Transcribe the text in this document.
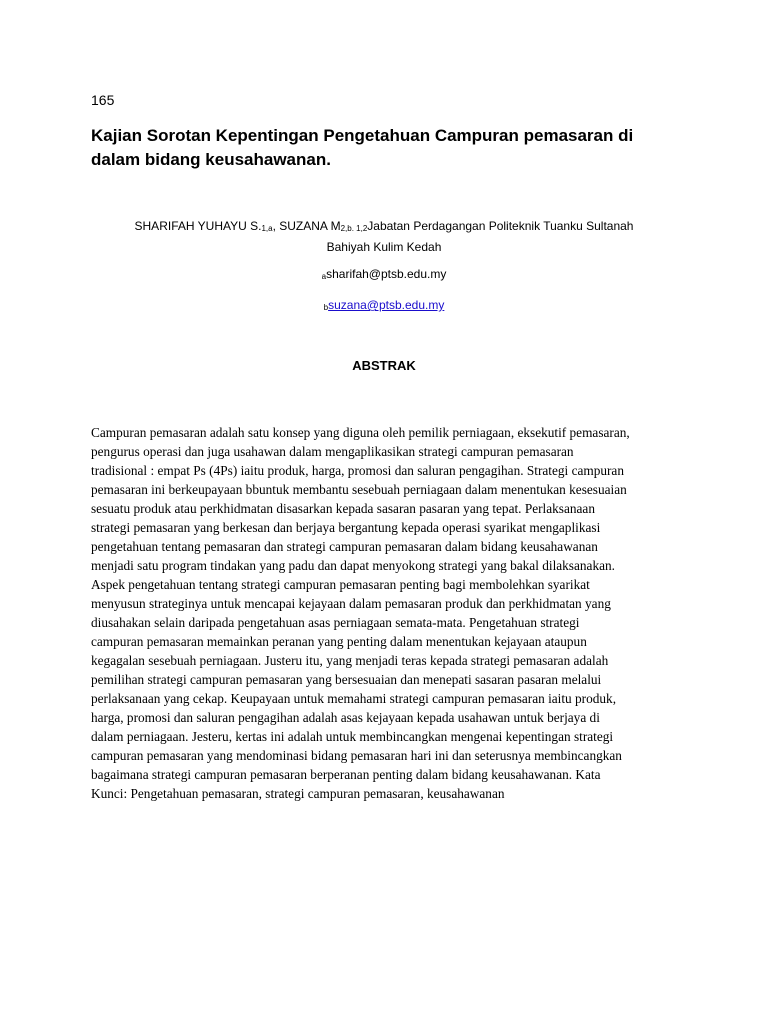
165
Kajian Sorotan Kepentingan Pengetahuan Campuran pemasaran di
dalam bidang keusahawanan.
SHARIFAH YUHAYU S.1,a, SUZANA M2,b. 1,2Jabatan Perdagangan Politeknik Tuanku Sultanah
Bahiyah Kulim Kedah
asharifah@ptsb.edu.my
bsuzana@ptsb.edu.my
ABSTRAK
Campuran pemasaran adalah satu konsep yang diguna oleh pemilik perniagaan, eksekutif pemasaran,
pengurus operasi dan juga usahawan dalam mengaplikasikan strategi campuran pemasaran
tradisional : empat Ps (4Ps) iaitu produk, harga, promosi dan saluran pengagihan. Strategi campuran
pemasaran ini berkeupayaan bbuntuk membantu sesebuah perniagaan dalam menentukan kesesuaian
sesuatu produk atau perkhidmatan disasarkan kepada sasaran pasaran yang tepat. Perlaksanaan
strategi pemasaran yang berkesan dan berjaya bergantung kepada operasi syarikat mengaplikasi
pengetahuan tentang pemasaran dan strategi campuran pemasaran dalam bidang keusahawanan
menjadi satu program tindakan yang padu dan dapat menyokong strategi yang bakal dilaksanakan.
Aspek pengetahuan tentang strategi campuran pemasaran penting bagi membolehkan syarikat
menyusun strateginya untuk mencapai kejayaan dalam pemasaran produk dan perkhidmatan yang
diusahakan selain daripada pengetahuan asas perniagaan semata-mata. Pengetahuan strategi
campuran pemasaran memainkan peranan yang penting dalam menentukan kejayaan ataupun
kegagalan sesebuah perniagaan. Justeru itu, yang menjadi teras kepada strategi pemasaran adalah
pemilihan strategi campuran pemasaran yang bersesuaian dan menepati sasaran pasaran melalui
perlaksanaan yang cekap. Keupayaan untuk memahami strategi campuran pemasaran iaitu produk,
harga, promosi dan saluran pengagihan adalah asas kejayaan kepada usahawan untuk berjaya di
dalam perniagaan. Jesteru, kertas ini adalah untuk membincangkan mengenai kepentingan strategi
campuran pemasaran yang mendominasi bidang pemasaran hari ini dan seterusnya membincangkan
bagaimana strategi campuran pemasaran berperanan penting dalam bidang keusahawanan. Kata
Kunci: Pengetahuan pemasaran, strategi campuran pemasaran, keusahawanan
